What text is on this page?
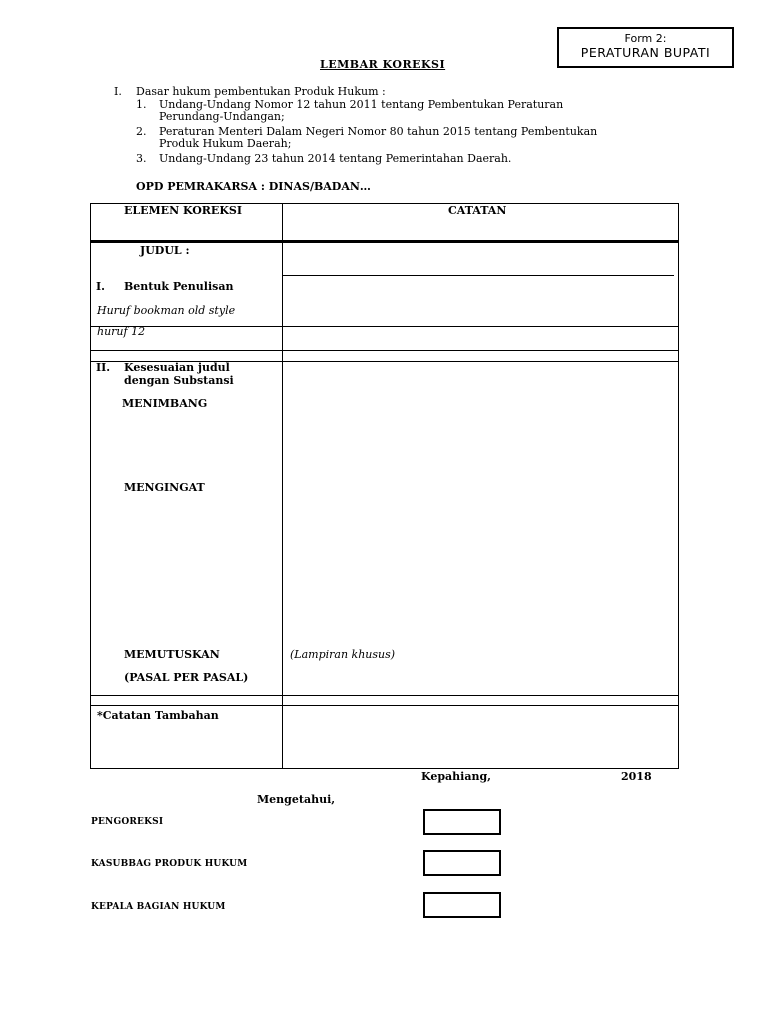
Form 2:
PERATURAN BUPATI
LEMBAR KOREKSI
I. Dasar hukum pembentukan Produk Hukum :
1. Undang-Undang Nomor 12 tahun 2011 tentang Pembentukan Peraturan
Perundang-Undangan;
2. Peraturan Menteri Dalam Negeri Nomor 80 tahun 2015 tentang Pembentukan
Produk Hukum Daerah;
3. Undang-Undang 23 tahun 2014 tentang Pemerintahan Daerah.
OPD PEMRAKARSA : DINAS/BADAN…
ELEMEN KOREKSI	CATATAN
JUDUL :
I. Bentuk Penulisan
Huruf bookman old style
huruf 12
II. Kesesuaian judul
dengan Substansi
MENIMBANG
MENGINGAT
MEMUTUSKAN	(Lampiran khusus)
(PASAL PER PASAL)
*Catatan Tambahan
Kepahiang,	2018
Mengetahui,
PENGOREKSI
KASUBBAG PRODUK HUKUM
KEPALA BAGIAN HUKUM
